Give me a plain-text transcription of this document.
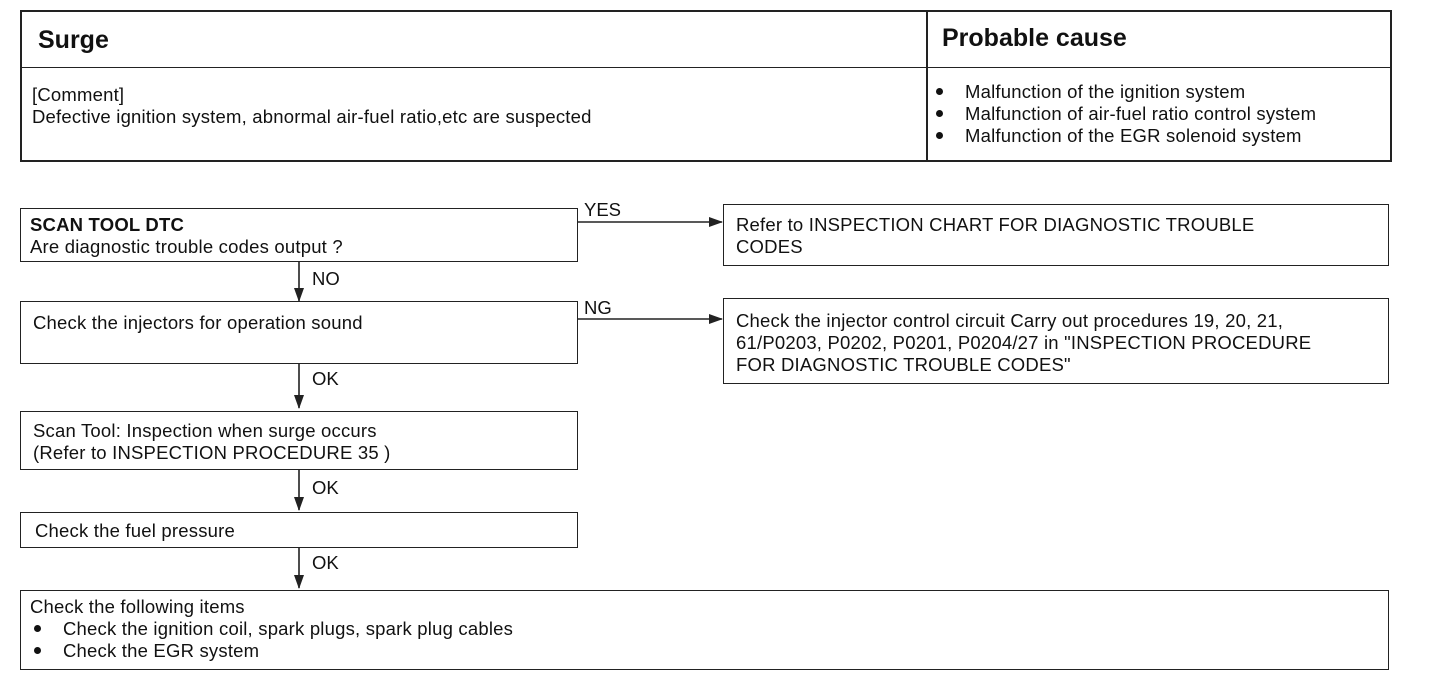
Surge	Probable cause
[Comment]
Defective ignition system, abnormal air-fuel ratio,etc are suspected
Malfunction of the ignition system
Malfunction of air-fuel ratio control system
Malfunction of the EGR solenoid system
YES
NG
NO
OK
OK
OK
SCAN TOOL DTC
Are diagnostic trouble codes output ?
Refer to INSPECTION CHART FOR DIAGNOSTIC TROUBLE
CODES
Check the injectors for operation sound	Check the injector control circuit Carry out procedures 19, 20, 21,
61/P0203, P0202, P0201, P0204/27 in "INSPECTION PROCEDURE
FOR DIAGNOSTIC TROUBLE CODES"
Scan Tool: Inspection when surge occurs
(Refer to INSPECTION PROCEDURE 35 )
Check the fuel pressure
Check the following items
Check the ignition coil, spark plugs, spark plug cables
Check the EGR system
